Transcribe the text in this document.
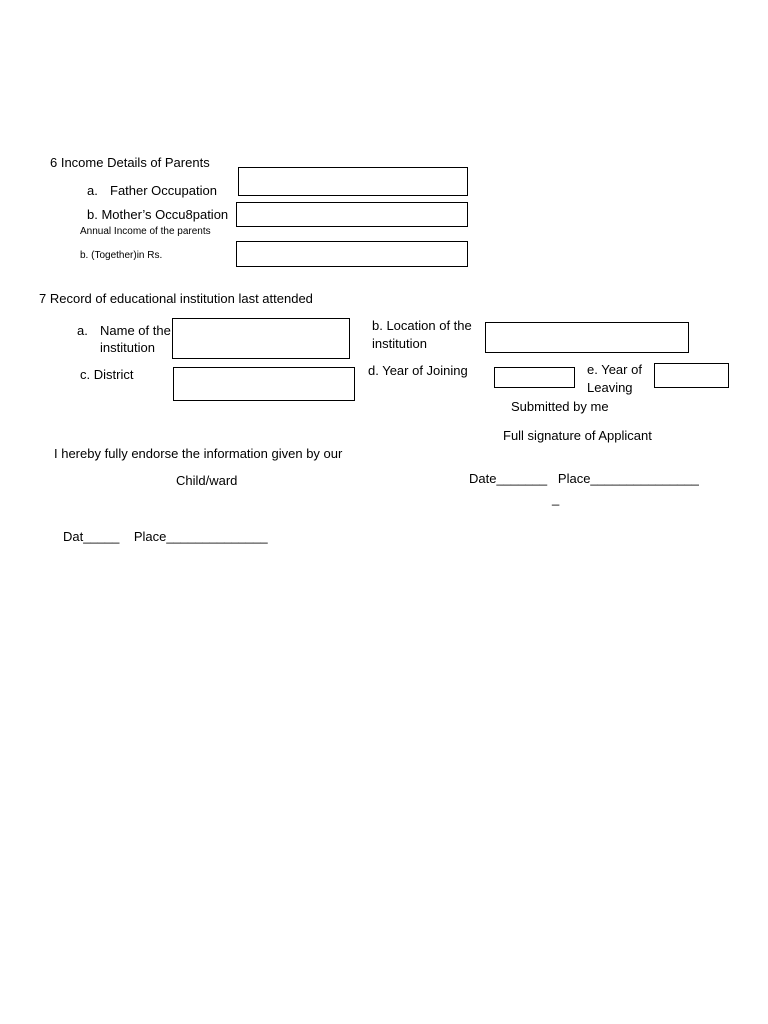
6 Income Details of Parents
a. Father Occupation
b. Mother’s Occu8pation
Annual Income of the parents
b. (Together)in Rs.
7 Record of educational institution last attended
a. Name of the
institution
b. Location of the
institution
c. District	d. Year of Joining	e. Year of
Leaving
Submitted by me
Full signature of Applicant
Date_______   Place_______________
_
I hereby fully endorse the information given by our
Child/ward
Dat_____    Place______________
